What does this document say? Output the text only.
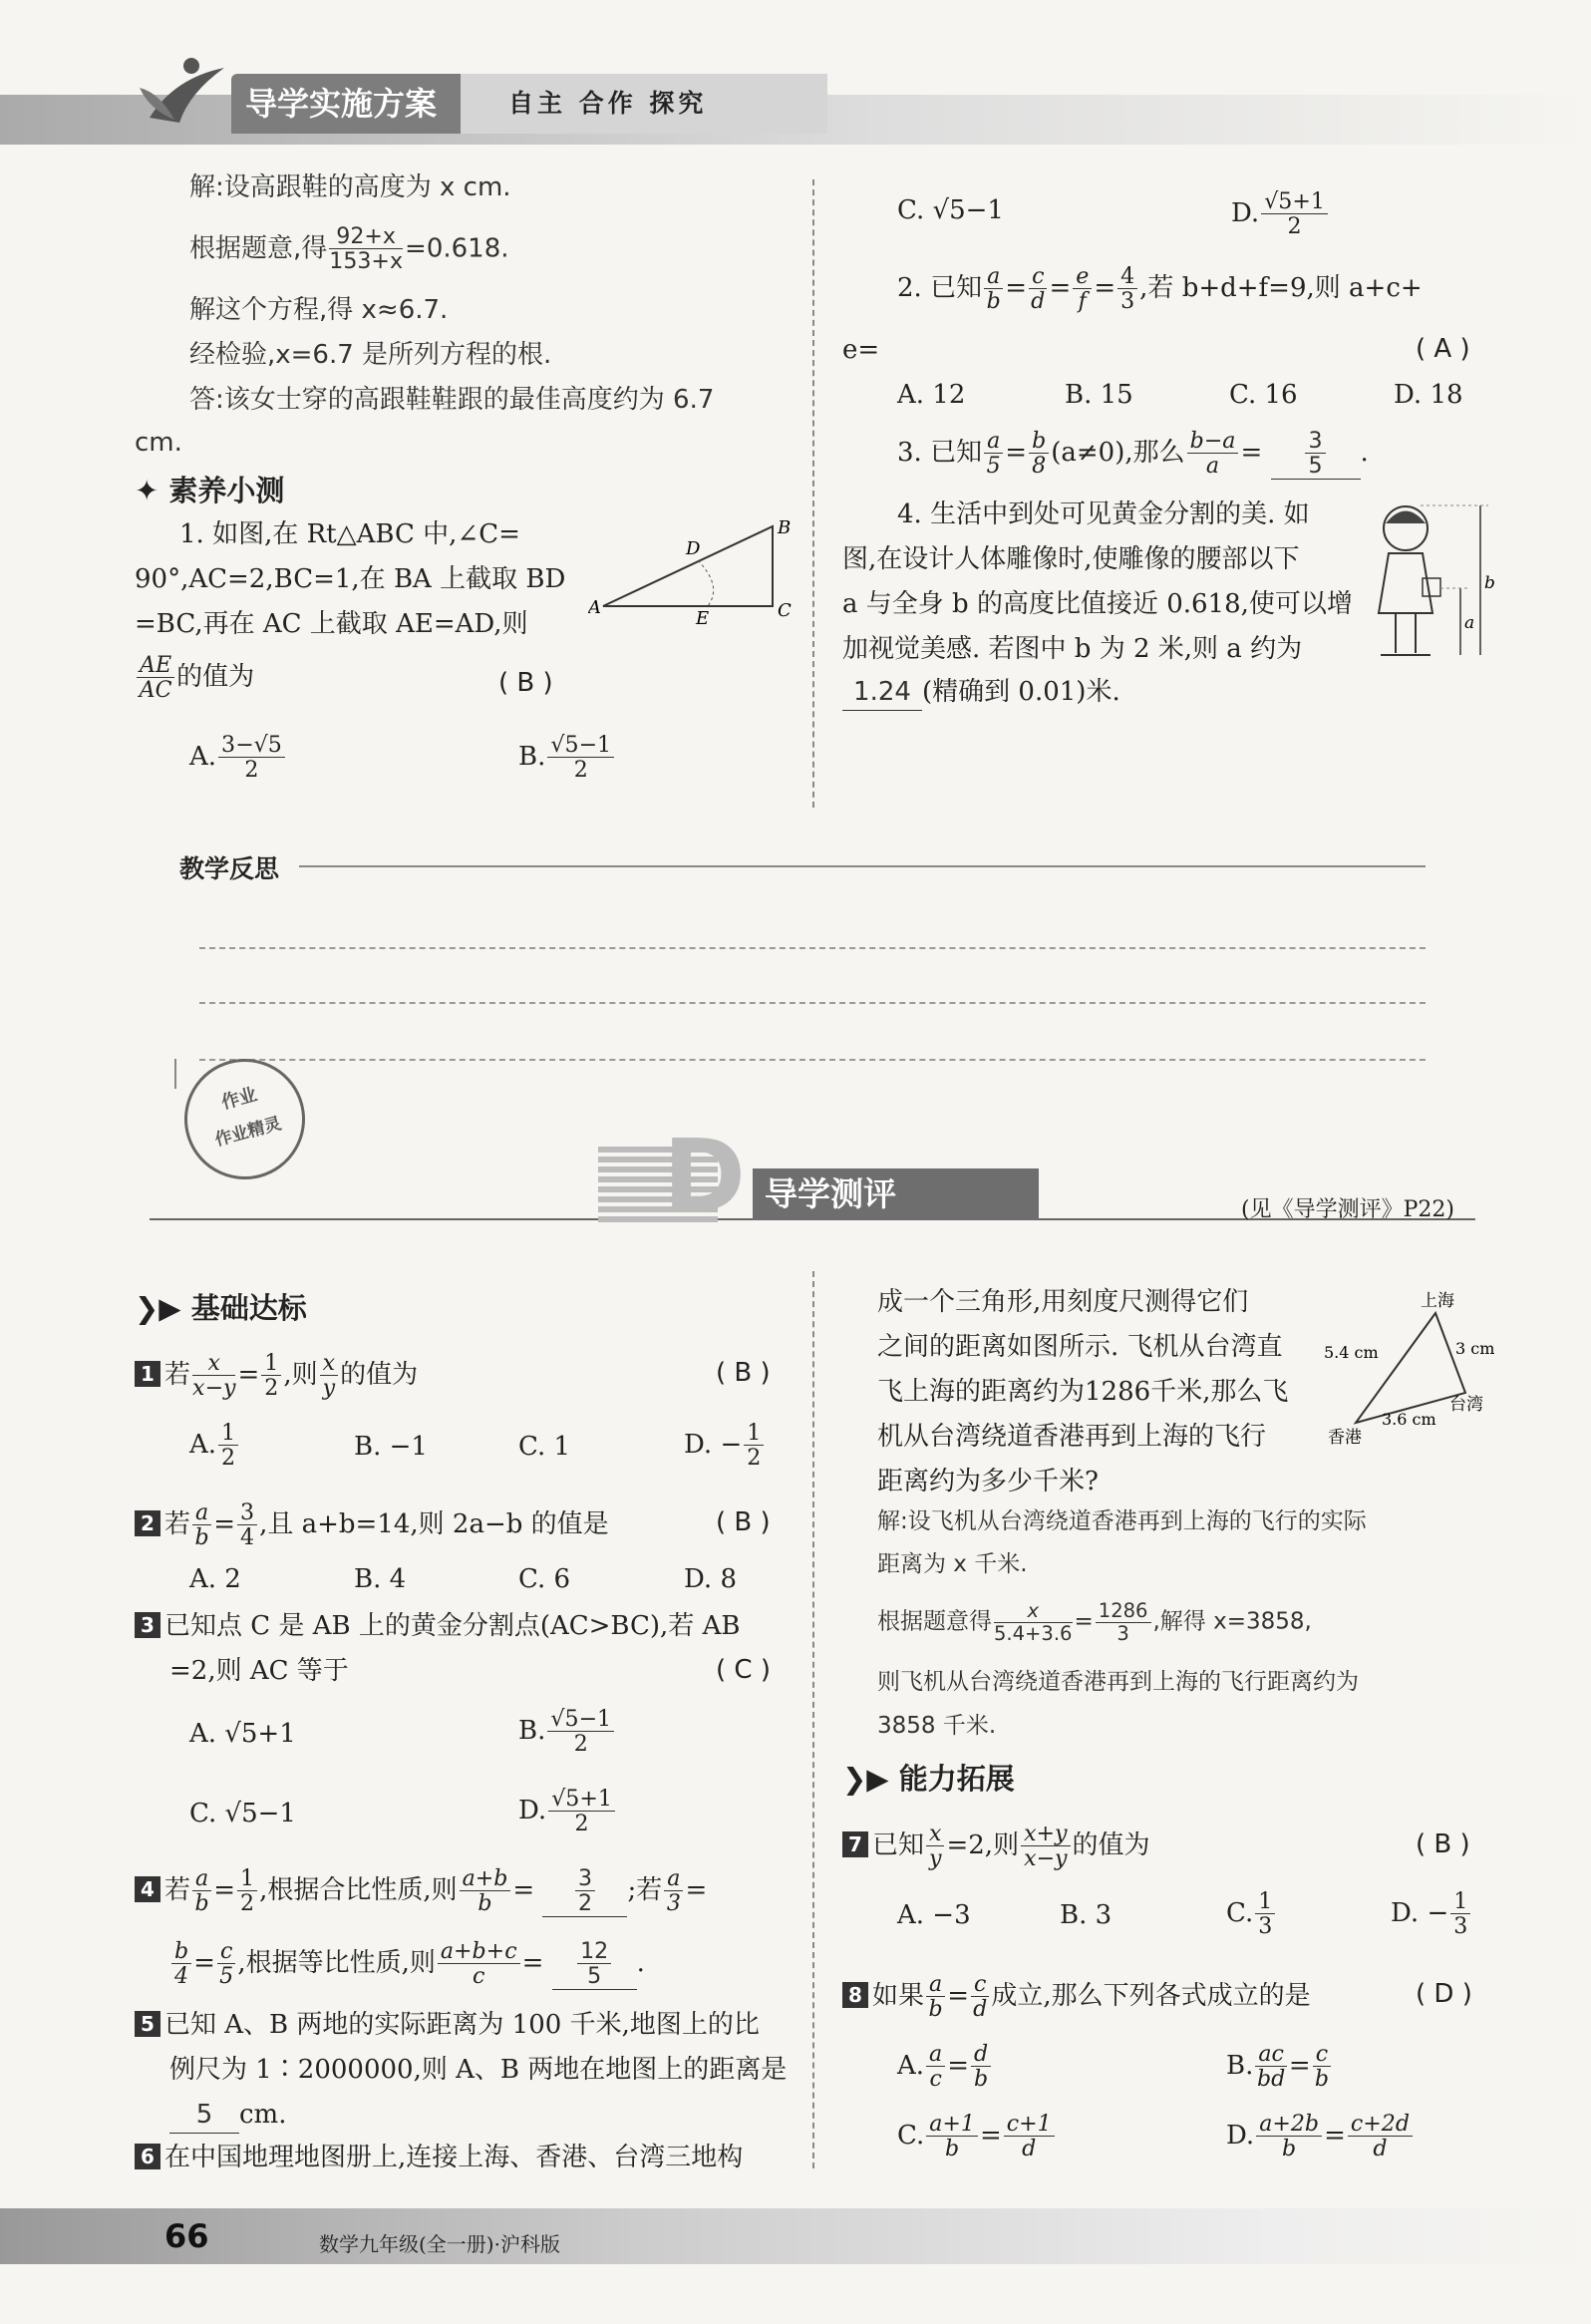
导学实施方案	自主 合作 探究
解:设高跟鞋的高度为 x cm.
根据题意,得 $\frac{92+x}{153+x} =0.618$.
解这个方程,得 x≈6.7.
经检验,x=6.7 是所列方程的根.
答:该女士穿的高跟鞋鞋跟的最佳高度约为 6.7
cm.
✦ 素养小测
1. 如图,在 Rt△ABC 中,∠C=
90°,AC=2,BC=1,在 BA 上截取 BD
=BC,再在 AC 上截取 AE=AD,则
$\frac{AE}{AC}$ 的值为	( B )
A. $\frac{3-√5}{2}$	B. $\frac{√5-1}{2}$
A
B
C
D
E
C. √5−1	D. $\frac{√5+1}{2}$
2. 已知 $\frac{a}{b} = \frac{c}{d} = \frac{e}{f} = \frac{4}{3}$ ,若 b+d+f=9,则 a+c+
e=	( A )
A. 12	B. 15	C. 16	D. 18
3. 已知 $\frac{a}{5} = \frac{b}{8} (a\ne 0)$,那么 $\frac{b-a}{a} = \frac{3}{5}$ .
4. 生活中到处可见黄金分割的美. 如
图,在设计人体雕像时,使雕像的腰部以下
a 与全身 b 的高度比值接近 0.618,使可以增
加视觉美感. 若图中 b 为 2 米,则 a 约为
1.24 (精确到 0.01)米.
b
a
教学反思
作业
作业精灵	D 导学测评	(见《导学测评》P22)
❯▶ 基础达标
1 若 $\frac{x}{x-y} = \frac{1}{2}$ ,则 $\frac{x}{y}$ 的值为	( B )
A. $\frac{1}{2}$	B. −1	C. 1	D. − $\frac{1}{2}$
2 若 $\frac{a}{b} = \frac{3}{4}$ ,且 a+b=14,则 2a−b 的值是	( B )
A. 2	B. 4	C. 6	D. 8
3 已知点 C 是 AB 上的黄金分割点(AC>BC),若 AB
=2,则 AC 等于	( C )
A. √5+1	B. $\frac{√5-1}{2}$
C. √5−1	D. $\frac{√5+1}{2}$
4 若 $\frac{a}{b} = \frac{1}{2}$ ,根据合比性质,则 $\frac{a+b}{b} = \frac{3}{2}$ ;若 $\frac{a}{3}$ =
$\frac{b}{4} = \frac{c}{5}$ ,根据等比性质,则 $\frac{a+b+c}{c} = \frac{12}{5}$ .
5 已知 A、B 两地的实际距离为 100 千米,地图上的比
例尺为 1∶2000000,则 A、B 两地在地图上的距离是
5 cm.
6 在中国地理地图册上,连接上海、香港、台湾三地构
成一个三角形,用刻度尺测得它们
之间的距离如图所示. 飞机从台湾直
飞上海的距离约为1286千米,那么飞
机从台湾绕道香港再到上海的飞行
距离约为多少千米?
上海
香港
台湾
5.4 cm	3 cm
3.6 cm
解:设飞机从台湾绕道香港再到上海的飞行的实际
距离为 x 千米.
根据题意得 $\frac{x}{5.4+3.6} = \frac{1286}{3}$ ,解得 x=3858,
则飞机从台湾绕道香港再到上海的飞行距离约为
3858 千米.
❯▶ 能力拓展
7 已知 $\frac{x}{y} =2$,则 $\frac{x+y}{x-y}$ 的值为	( B )
A. −3	B. 3	C. $\frac{1}{3}$	D. − $\frac{1}{3}$
8 如果 $\frac{a}{b} = \frac{c}{d}$ 成立,那么下列各式成立的是	( D )
A. $\frac{a}{c} = \frac{d}{b}$	B. $\frac{ac}{bd} = \frac{c}{b}$
C. $\frac{a+1}{b} = \frac{c+1}{d}$	D. $\frac{a+2b}{b} = \frac{c+2d}{d}$
66	数学九年级(全一册)·沪科版
